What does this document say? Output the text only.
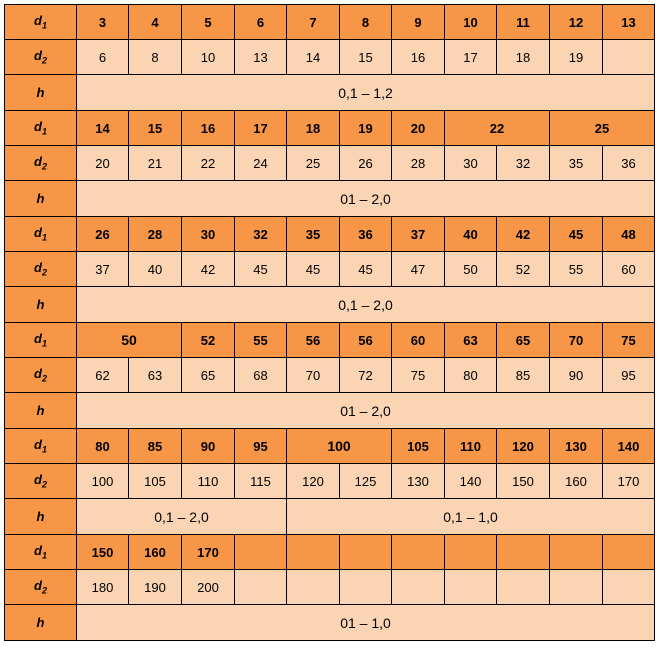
$d_1$	3	4	5	6	7	8	9	10	11	12	13
$d_2$	6	8	10	13	14	15	16	17	18	19	
h	0,1 – 1,2										
$d_1$	14	15	16	17	18	19	20	22		25	
$d_2$	20	21	22	24	25	26	28	30	32	35	36
h	01 – 2,0										
$d_1$	26	28	30	32	35	36	37	40	42	45	48
$d_2$	37	40	42	45	45	45	47	50	52	55	60
h	0,1 – 2,0										
$d_1$	50		52	55	56	56	60	63	65	70	75
$d_2$	62	63	65	68	70	72	75	80	85	90	95
h	01 – 2,0										
$d_1$	80	85	90	95	100		105	110	120	130	140
$d_2$	100	105	110	115	120	125	130	140	150	160	170
h	0,1 – 2,0				0,1 – 1,0						
$d_1$	150	160	170								
$d_2$	180	190	200								
h	01 – 1,0										
